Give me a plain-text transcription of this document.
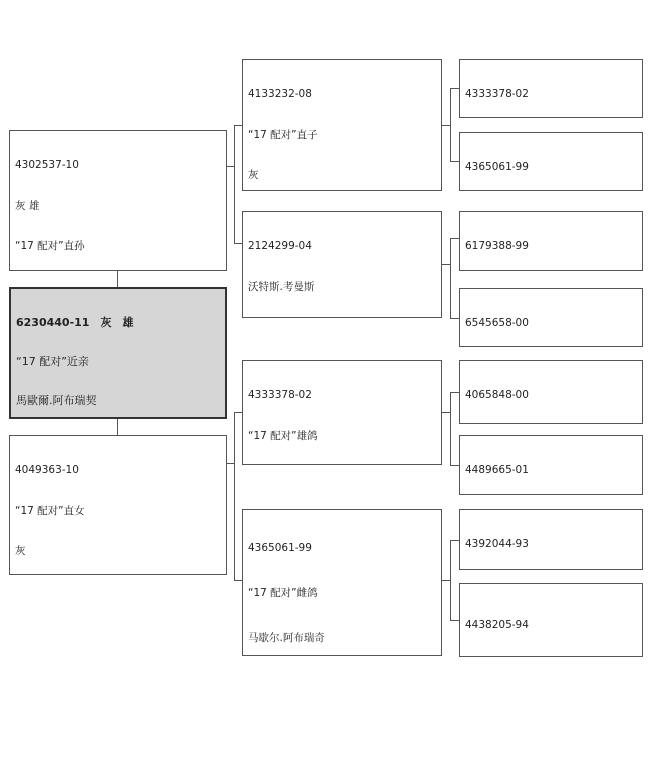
4302537-10

灰 雄

“17 配对”直孙

6230440-11　灰　雄

“17 配对”近亲

馬歐爾.阿布瑞契

4049363-10

“17 配对”直女

灰

4133232-08

“17 配对”直子

灰

2124299-04

沃特斯.考曼斯

4333378-02

“17 配对”雄鸽

4365061-99

“17 配对”雌鸽

马歇尔.阿布瑞奇

4333378-02

4365061-99

6179388-99

6545658-00

4065848-00

4489665-01

4392044-93

4438205-94
